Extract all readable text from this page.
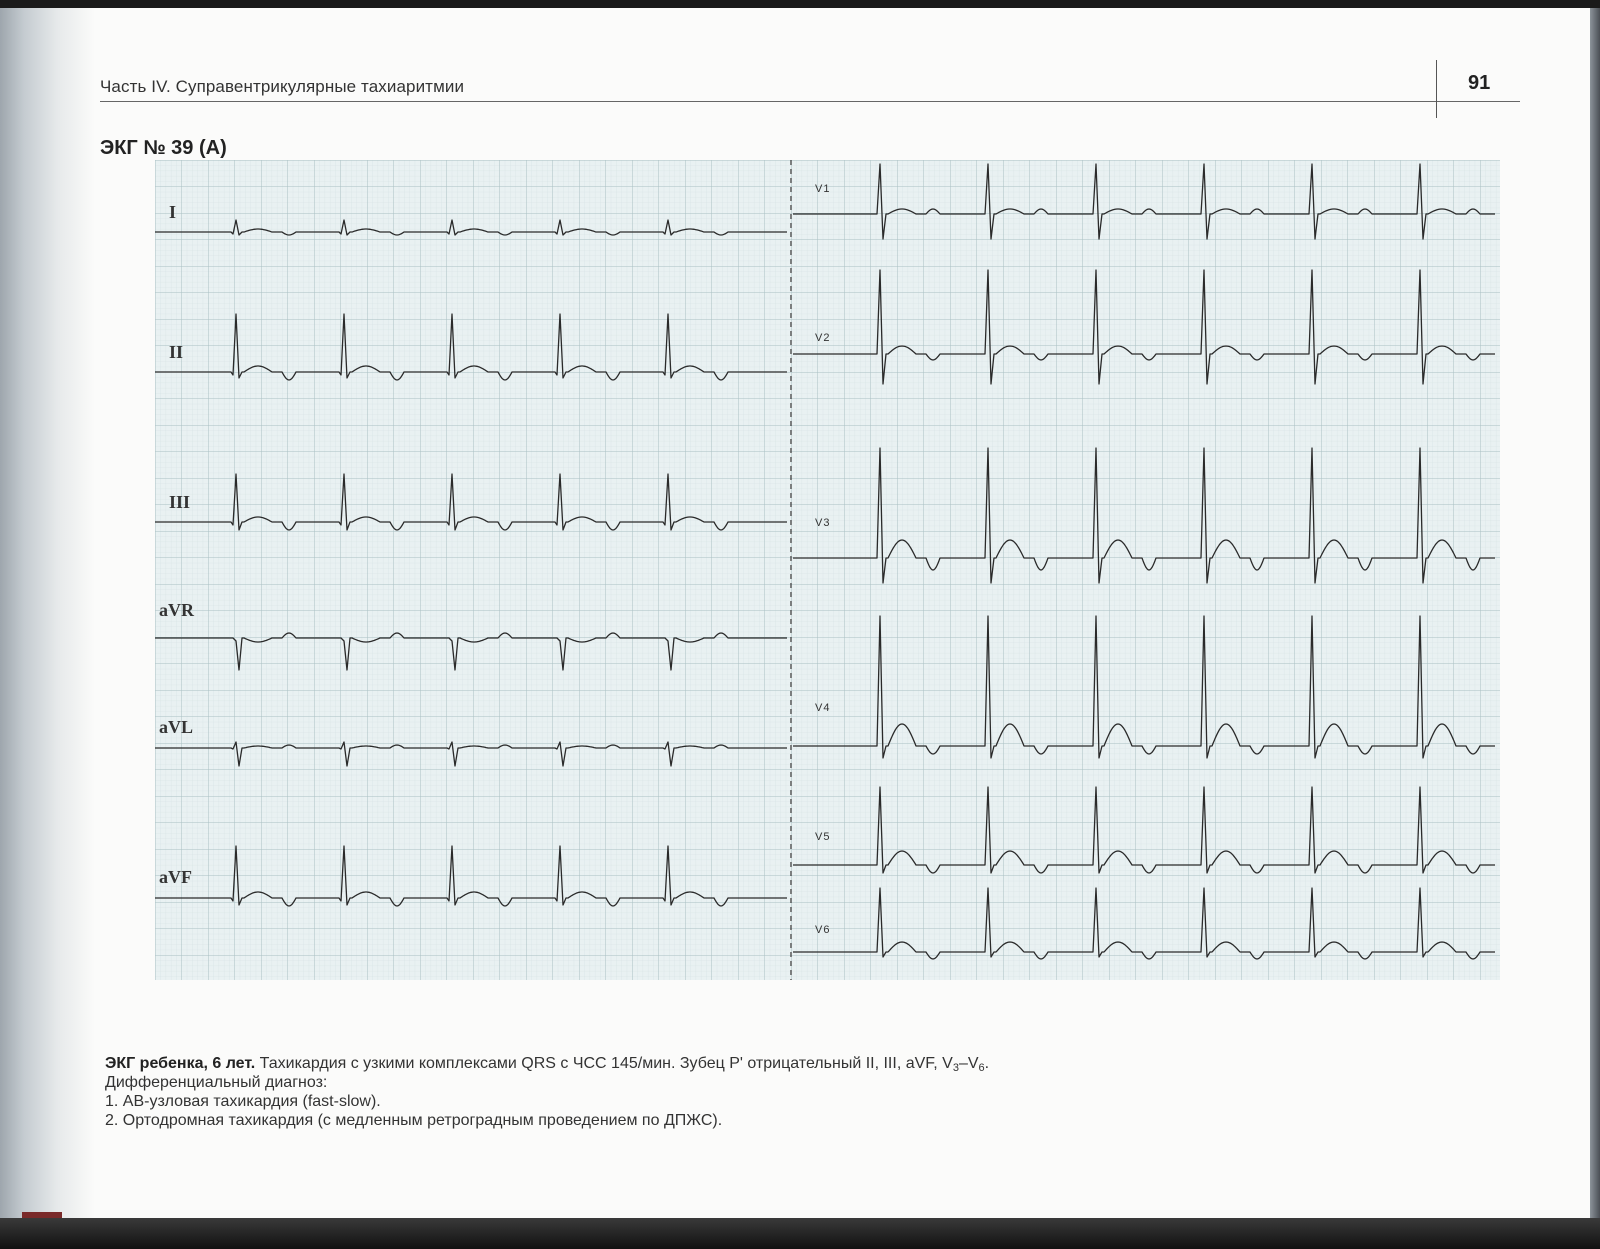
Часть IV. Суправентрикулярные тахиаритмии	91
ЭКГ № 39 (А)
I
II
III
aVR
aVL
aVF
V1
V2
V3
V4
V5
V6

ЭКГ ребенка, 6 лет. Тахикардия с узкими комплексами QRS с ЧСС 145/мин. Зубец P' отрицательный II, III, aVF, $V_3-V_6$.

Дифференциальный диагноз:

1. АВ-узловая тахикардия (fast-slow).

2. Ортодромная тахикардия (с медленным ретроградным проведением по ДПЖС).
